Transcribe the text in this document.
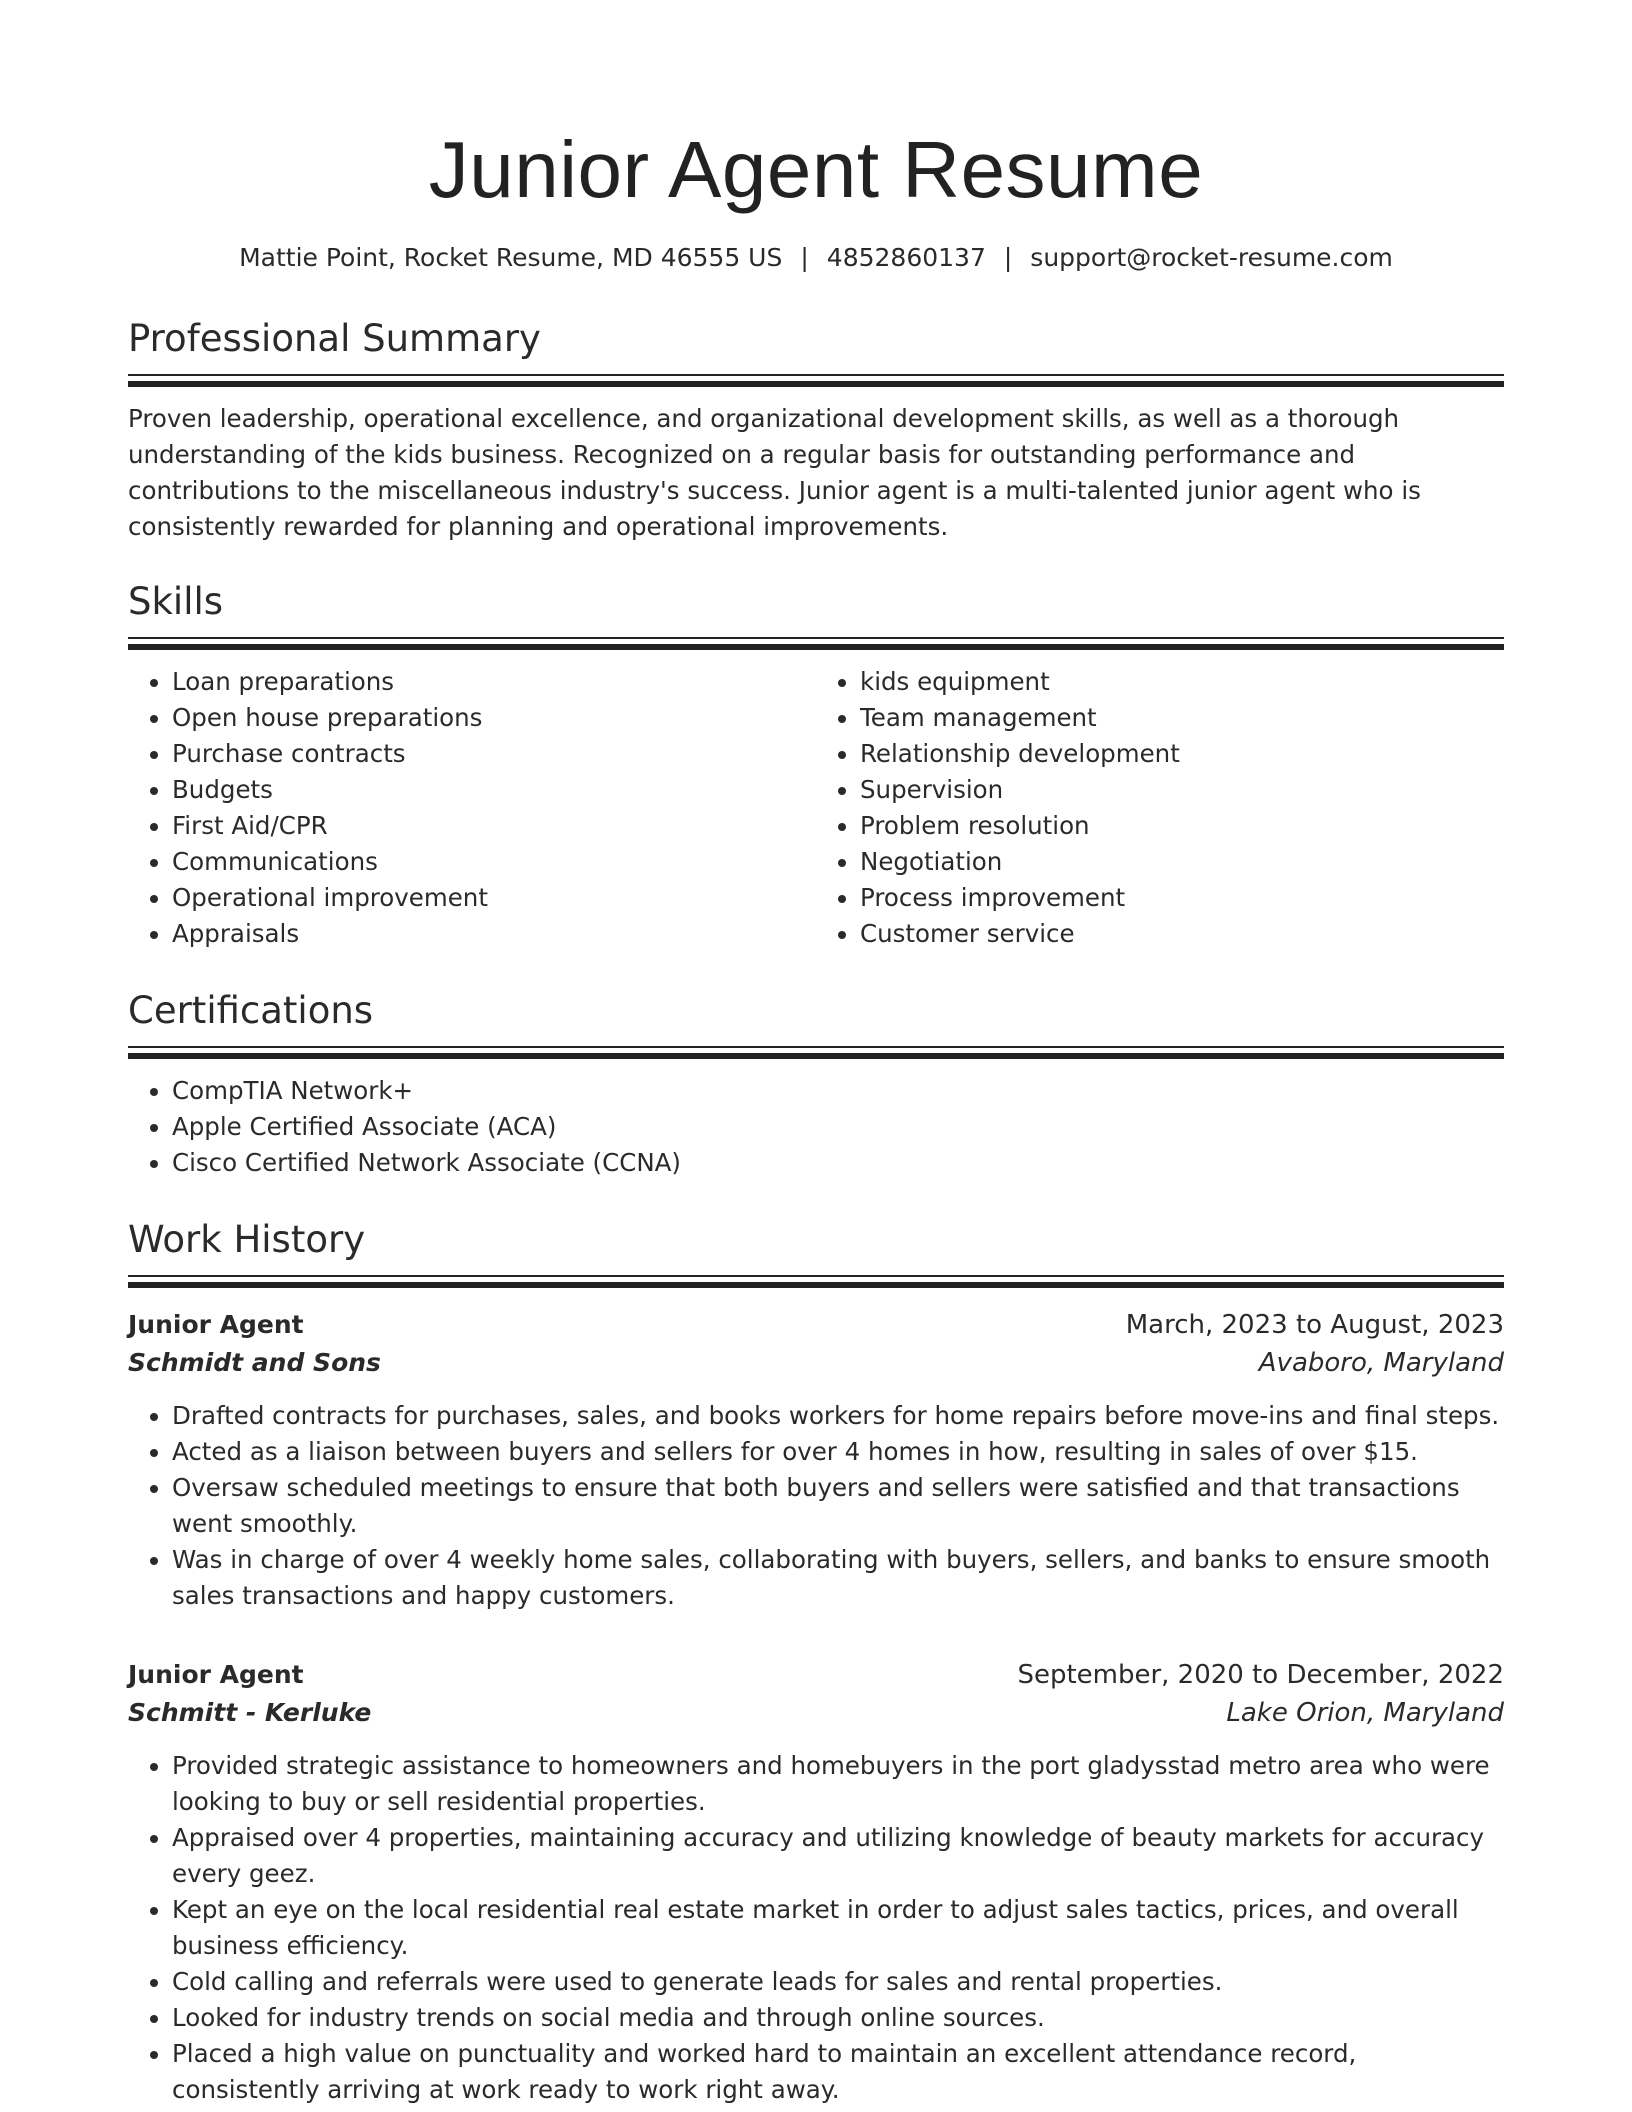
Junior Agent Resume
Mattie Point, Rocket Resume, MD 46555 US | 4852860137 | support@rocket-resume.com
Professional Summary

Proven leadership, operational excellence, and organizational development skills, as well as a thorough understanding of the kids business. Recognized on a regular basis for outstanding performance and contributions to the miscellaneous industry's success. Junior agent is a multi-talented junior agent who is consistently rewarded for planning and operational improvements.

Skills
• Loan preparations
• Open house preparations
• Purchase contracts
• Budgets
• First Aid/CPR
• Communications
• Operational improvement
• Appraisals
• kids equipment
• Team management
• Relationship development
• Supervision
• Problem resolution
• Negotiation
• Process improvement
• Customer service
Certifications
• CompTIA Network+
• Apple Certified Associate (ACA)
• Cisco Certified Network Associate (CCNA)
Work History
Junior Agent	March, 2023 to August, 2023
Schmidt and Sons	Avaboro, Maryland
• Drafted contracts for purchases, sales, and books workers for home repairs before move-ins and final steps.
• Acted as a liaison between buyers and sellers for over 4 homes in how, resulting in sales of over $15.
• Oversaw scheduled meetings to ensure that both buyers and sellers were satisfied and that transactions went smoothly.
• Was in charge of over 4 weekly home sales, collaborating with buyers, sellers, and banks to ensure smooth sales transactions and happy customers.
Junior Agent	September, 2020 to December, 2022
Schmitt - Kerluke	Lake Orion, Maryland
• Provided strategic assistance to homeowners and homebuyers in the port gladysstad metro area who were looking to buy or sell residential properties.
• Appraised over 4 properties, maintaining accuracy and utilizing knowledge of beauty markets for accuracy every geez.
• Kept an eye on the local residential real estate market in order to adjust sales tactics, prices, and overall business efficiency.
• Cold calling and referrals were used to generate leads for sales and rental properties.
• Looked for industry trends on social media and through online sources.
• Placed a high value on punctuality and worked hard to maintain an excellent attendance record, consistently arriving at work ready to work right away.
